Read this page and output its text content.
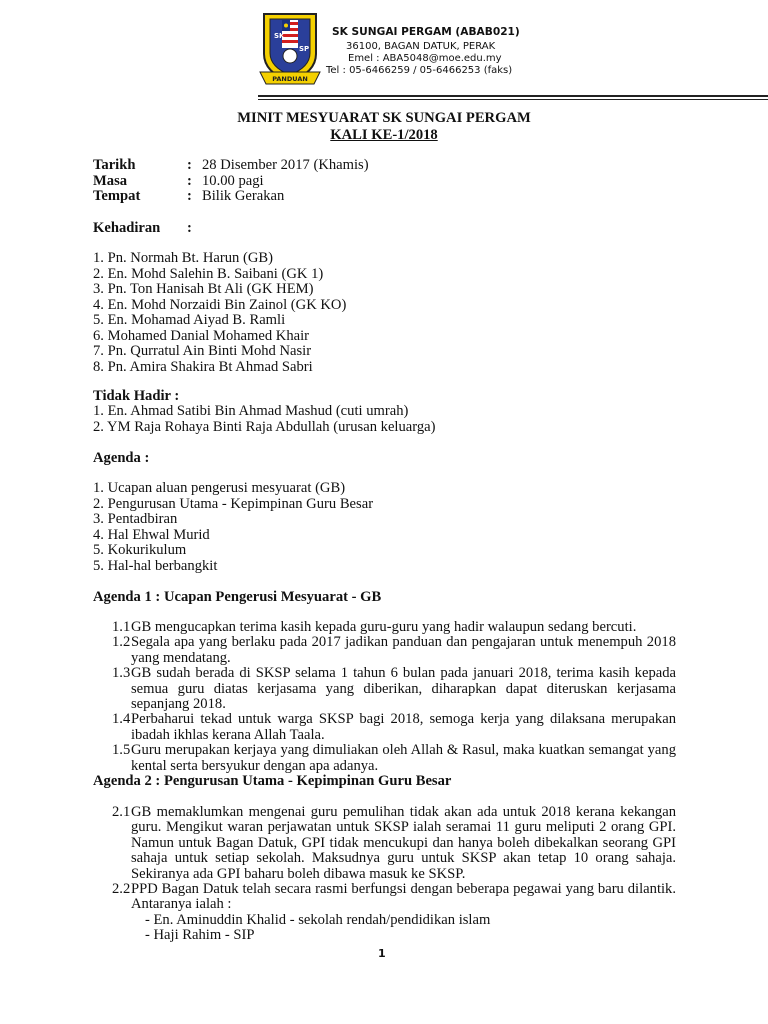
SK
SP
PANDUAN
SK SUNGAI PERGAM (ABAB021)
36100, BAGAN DATUK, PERAK
Emel : ABA5048@moe.edu.my
Tel : 05-6466259 / 05-6466253 (faks)
MINIT MESYUARAT SK SUNGAI PERGAM
KALI KE-1/2018
Tarikh	: 28 Disember 2017 (Khamis)
Masa	: 10.00 pagi
Tempat	: Bilik Gerakan
Kehadiran :
1. Pn. Normah Bt. Harun (GB)
2. En. Mohd Salehin B. Saibani (GK 1)
3. Pn. Ton Hanisah Bt Ali (GK HEM)
4. En. Mohd Norzaidi Bin Zainol (GK KO)
5. En. Mohamad Aiyad B. Ramli
6. Mohamed Danial Mohamed Khair
7. Pn. Qurratul Ain Binti Mohd Nasir
8. Pn. Amira Shakira Bt Ahmad Sabri
Tidak Hadir :
1. En. Ahmad Satibi Bin Ahmad Mashud (cuti umrah)
2. YM Raja Rohaya Binti Raja Abdullah (urusan keluarga)
Agenda :
1. Ucapan aluan pengerusi mesyuarat (GB)
2. Pengurusan Utama - Kepimpinan Guru Besar
3. Pentadbiran
4. Hal Ehwal Murid
5. Kokurikulum
5. Hal-hal berbangkit
Agenda 1 : Ucapan Pengerusi Mesyuarat - GB
1.1 GB mengucapkan terima kasih kepada guru-guru yang hadir walaupun sedang bercuti.
1.2 Segala apa yang berlaku pada 2017 jadikan panduan dan pengajaran untuk menempuh 2018 yang mendatang.
1.3 GB sudah berada di SKSP selama 1 tahun 6 bulan pada januari 2018, terima kasih kepada semua guru diatas kerjasama yang diberikan, diharapkan dapat diteruskan kerjasama sepanjang 2018.
1.4 Perbaharui tekad untuk warga SKSP bagi 2018, semoga kerja yang dilaksana merupakan ibadah ikhlas kerana Allah Taala.
1.5 Guru merupakan kerjaya yang dimuliakan oleh Allah & Rasul, maka kuatkan semangat yang kental serta bersyukur dengan apa adanya.
Agenda 2 : Pengurusan Utama - Kepimpinan Guru Besar
2.1 GB memaklumkan mengenai guru pemulihan tidak akan ada untuk 2018 kerana kekangan guru. Mengikut waran perjawatan untuk SKSP ialah seramai 11 guru meliputi 2 orang GPI. Namun untuk Bagan Datuk, GPI tidak mencukupi dan hanya boleh dibekalkan seorang GPI sahaja untuk setiap sekolah. Maksudnya guru untuk SKSP akan tetap 10 orang sahaja. Sekiranya ada GPI baharu boleh dibawa masuk ke SKSP.
2.2 PPD Bagan Datuk telah secara rasmi berfungsi dengan beberapa pegawai yang baru dilantik. Antaranya ialah :
- En. Aminuddin Khalid - sekolah rendah/pendidikan islam
- Haji Rahim - SIP
1
